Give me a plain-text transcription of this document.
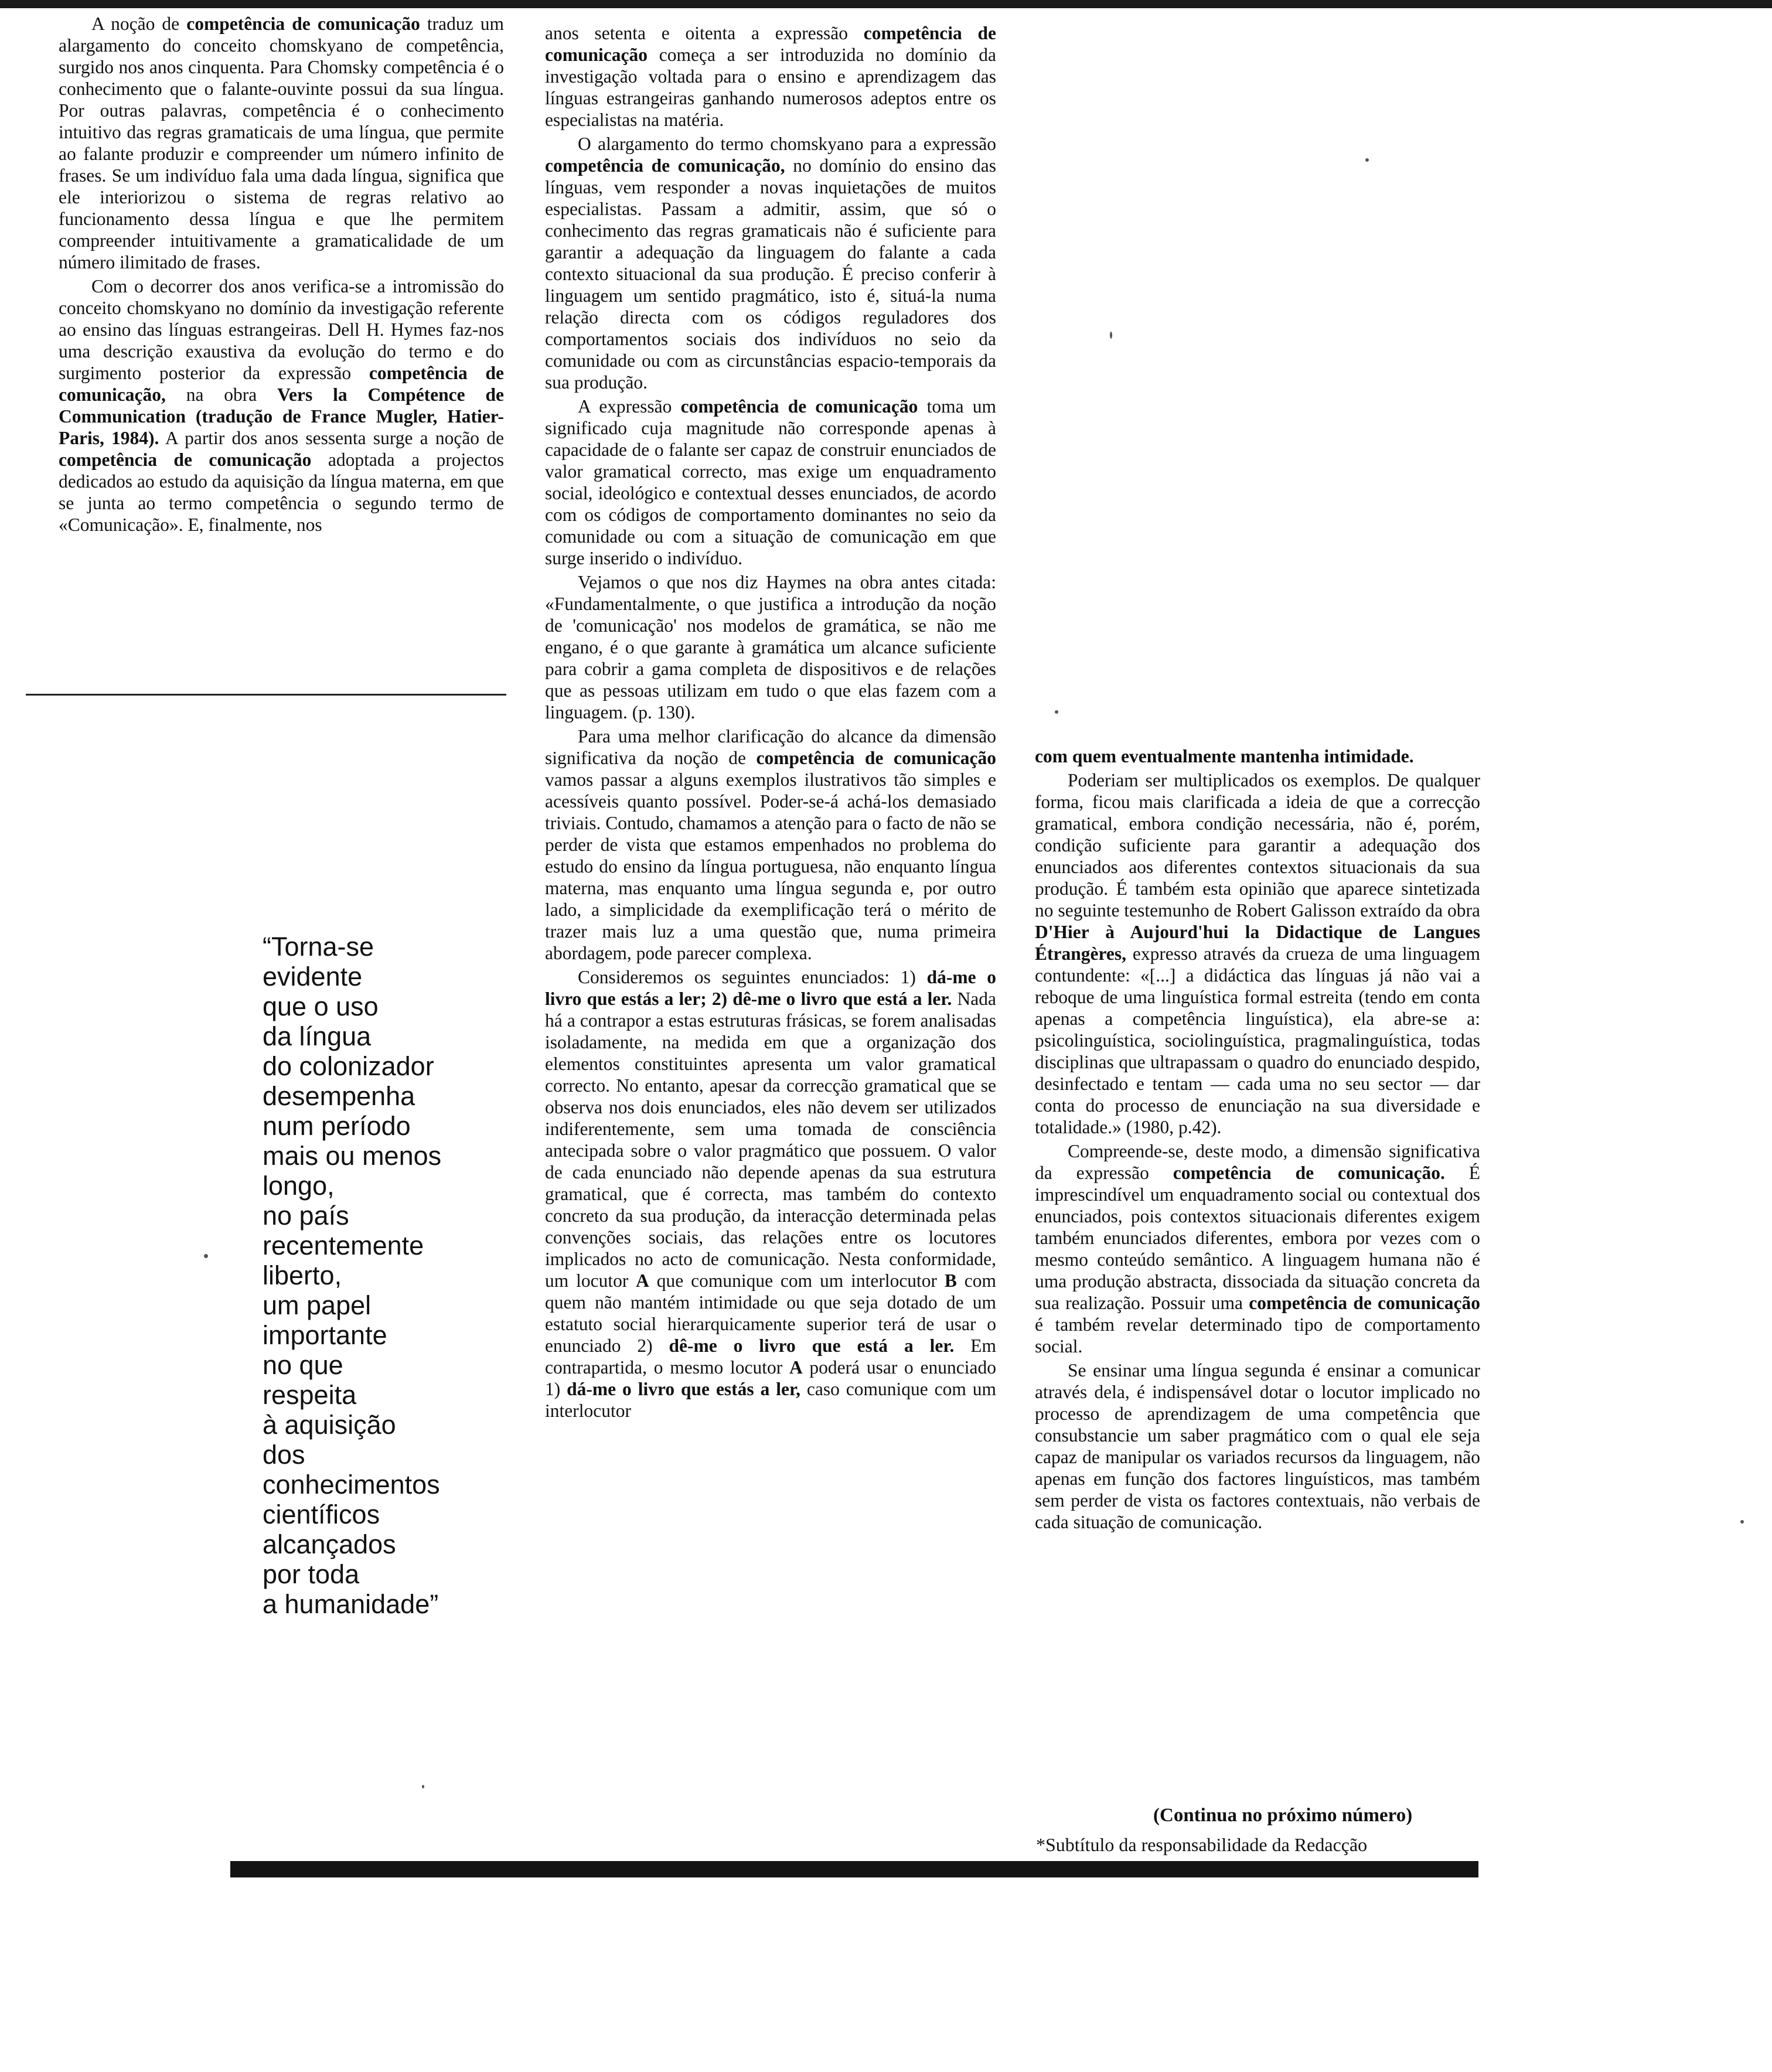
A noção de competência de comunicação traduz um alargamento do conceito chomskyano de competência, surgido nos anos cinquenta. Para Chomsky competência é o conhecimento que o falante-ouvinte possui da sua língua. Por outras palavras, competência é o conhecimento intuitivo das regras gramaticais de uma língua, que permite ao falante produzir e compreender um número infinito de frases. Se um indivíduo fala uma dada língua, significa que ele interiorizou o sistema de regras relativo ao funcionamento dessa língua e que lhe permitem compreender intuitivamente a gramaticalidade de um número ilimitado de frases.

Com o decorrer dos anos verifica-se a intromissão do conceito chomskyano no domínio da investigação referente ao ensino das línguas estrangeiras. Dell H. Hymes faz-nos uma descrição exaustiva da evolução do termo e do surgimento posterior da expressão competência de comunicação, na obra Vers la Compétence de Communication (tradução de France Mugler, Hatier-Paris, 1984). A partir dos anos sessenta surge a noção de competência de comunicação adoptada a projectos dedicados ao estudo da aquisição da língua materna, em que se junta ao termo competência o segundo termo de «Comunicação». E, finalmente, nos

anos setenta e oitenta a expressão competência de comunicação começa a ser introduzida no domínio da investigação voltada para o ensino e aprendizagem das línguas estrangeiras ganhando numerosos adeptos entre os especialistas na matéria.

O alargamento do termo chomskyano para a expressão competência de comunicação, no domínio do ensino das línguas, vem responder a novas inquietações de muitos especialistas. Passam a admitir, assim, que só o conhecimento das regras gramaticais não é suficiente para garantir a adequação da linguagem do falante a cada contexto situacional da sua produção. É preciso conferir à linguagem um sentido pragmático, isto é, situá-la numa relação directa com os códigos reguladores dos comportamentos sociais dos indivíduos no seio da comunidade ou com as circunstâncias espacio-temporais da sua produção.

A expressão competência de comunicação toma um significado cuja magnitude não corresponde apenas à capacidade de o falante ser capaz de construir enunciados de valor gramatical correcto, mas exige um enquadramento social, ideológico e contextual desses enunciados, de acordo com os códigos de comportamento dominantes no seio da comunidade ou com a situação de comunicação em que surge inserido o indivíduo.

Vejamos o que nos diz Haymes na obra antes citada: «Fundamentalmente, o que justifica a introdução da noção de 'comunicação' nos modelos de gramática, se não me engano, é o que garante à gramática um alcance suficiente para cobrir a gama completa de dispositivos e de relações que as pessoas utilizam em tudo o que elas fazem com a linguagem. (p. 130).

Para uma melhor clarificação do alcance da dimensão significativa da noção de competência de comunicação vamos passar a alguns exemplos ilustrativos tão simples e acessíveis quanto possível. Poder-se-á achá-los demasiado triviais. Contudo, chamamos a atenção para o facto de não se perder de vista que estamos empenhados no problema do estudo do ensino da língua portuguesa, não enquanto língua materna, mas enquanto uma língua segunda e, por outro lado, a simplicidade da exemplificação terá o mérito de trazer mais luz a uma questão que, numa primeira abordagem, pode parecer complexa.

Consideremos os seguintes enunciados: 1) dá-me o livro que estás a ler; 2) dê-me o livro que está a ler. Nada há a contrapor a estas estruturas frásicas, se forem analisadas isoladamente, na medida em que a organização dos elementos constituintes apresenta um valor gramatical correcto. No entanto, apesar da correcção gramatical que se observa nos dois enunciados, eles não devem ser utilizados indiferentemente, sem uma tomada de consciência antecipada sobre o valor pragmático que possuem. O valor de cada enunciado não depende apenas da sua estrutura gramatical, que é correcta, mas também do contexto concreto da sua produção, da interacção determinada pelas convenções sociais, das relações entre os locutores implicados no acto de comunicação. Nesta conformidade, um locutor A que comunique com um interlocutor B com quem não mantém intimidade ou que seja dotado de um estatuto social hierarquicamente superior terá de usar o enunciado 2) dê-me o livro que está a ler. Em contrapartida, o mesmo locutor A poderá usar o enunciado 1) dá-me o livro que estás a ler, caso comunique com um interlocutor

com quem eventualmente mantenha intimidade.

Poderiam ser multiplicados os exemplos. De qualquer forma, ficou mais clarificada a ideia de que a correcção gramatical, embora condição necessária, não é, porém, condição suficiente para garantir a adequação dos enunciados aos diferentes contextos situacionais da sua produção. É também esta opinião que aparece sintetizada no seguinte testemunho de Robert Galisson extraído da obra D'Hier à Aujourd'hui la Didactique de Langues Étrangères, expresso através da crueza de uma linguagem contundente: «[...] a didáctica das línguas já não vai a reboque de uma linguística formal estreita (tendo em conta apenas a competência linguística), ela abre-se a: psicolinguística, sociolinguística, pragmalinguística, todas disciplinas que ultrapassam o quadro do enunciado despido, desinfectado e tentam — cada uma no seu sector — dar conta do processo de enunciação na sua diversidade e totalidade.» (1980, p.42).

Compreende-se, deste modo, a dimensão significativa da expressão competência de comunicação. É imprescindível um enquadramento social ou contextual dos enunciados, pois contextos situacionais diferentes exigem também enunciados diferentes, embora por vezes com o mesmo conteúdo semântico. A linguagem humana não é uma produção abstracta, dissociada da situação concreta da sua realização. Possuir uma competência de comunicação é também revelar determinado tipo de comportamento social.

Se ensinar uma língua segunda é ensinar a comunicar através dela, é indispensável dotar o locutor implicado no processo de aprendizagem de uma competência que consubstancie um saber pragmático com o qual ele seja capaz de manipular os variados recursos da linguagem, não apenas em função dos factores linguísticos, mas também sem perder de vista os factores contextuais, não verbais de cada situação de comunicação.

“Torna-se
evidente
que o uso
da língua
do colonizador
desempenha
num período
mais ou menos
longo,
no país
recentemente
liberto,
um papel
importante
no que
respeita
à aquisição
dos
conhecimentos
científicos
alcançados
por toda
a humanidade”
(Continua no próximo número)
*Subtítulo da responsabilidade da Redacção
